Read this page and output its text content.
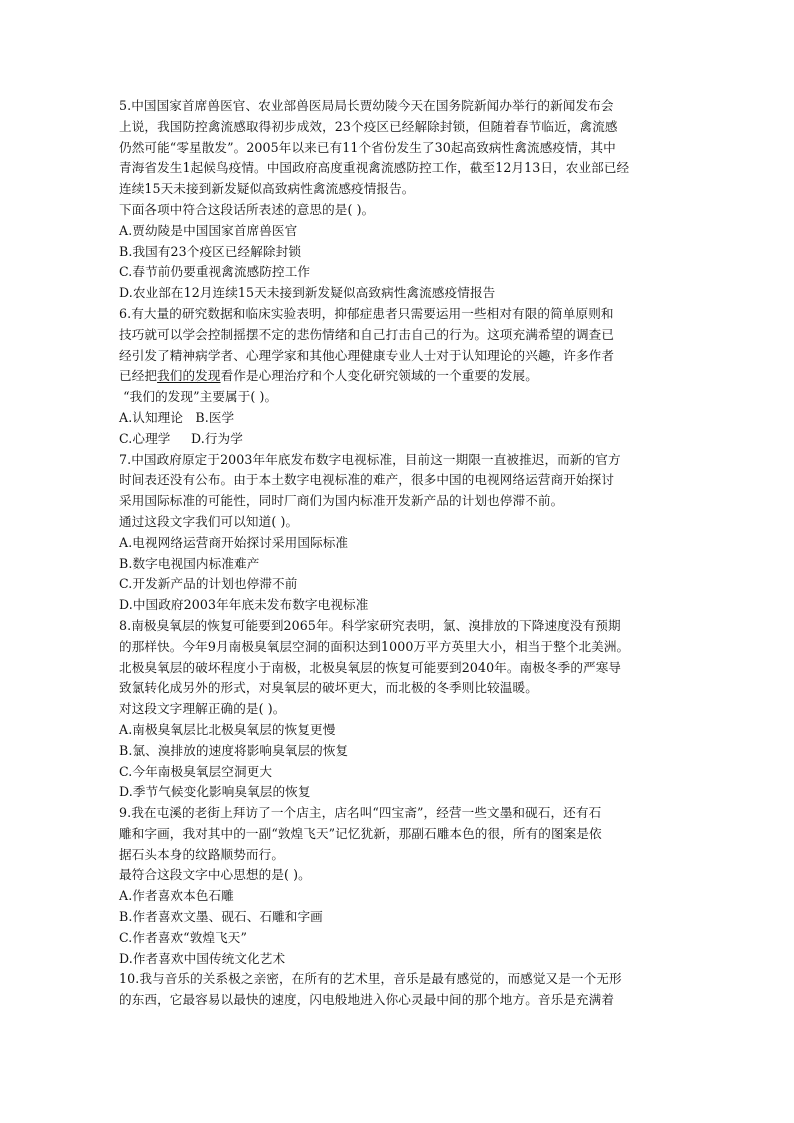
5.中国国家首席兽医官、农业部兽医局局长贾幼陵今天在国务院新闻办举行的新闻发布会

上说，我国防控禽流感取得初步成效，23个疫区已经解除封锁，但随着春节临近，禽流感

仍然可能“零星散发”。2005年以来已有11个省份发生了30起高致病性禽流感疫情，其中

青海省发生1起候鸟疫情。中国政府高度重视禽流感防控工作，截至12月13日，农业部已经

连续15天未接到新发疑似高致病性禽流感疫情报告。

下面各项中符合这段话所表述的意思的是( )。

A.贾幼陵是中国国家首席兽医官

B.我国有23个疫区已经解除封锁

C.春节前仍要重视禽流感防控工作

D.农业部在12月连续15天未接到新发疑似高致病性禽流感疫情报告

6.有大量的研究数据和临床实验表明，抑郁症患者只需要运用一些相对有限的简单原则和

技巧就可以学会控制摇摆不定的悲伤情绪和自己打击自己的行为。这项充满希望的调查已

经引发了精神病学者、心理学家和其他心理健康专业人士对于认知理论的兴趣，许多作者

已经把我们的发现看作是心理治疗和个人变化研究领域的一个重要的发展。

“我们的发现”主要属于( )。

A.认知理论   B.医学

C.心理学     D.行为学

7.中国政府原定于2003年年底发布数字电视标准，目前这一期限一直被推迟，而新的官方

时间表还没有公布。由于本土数字电视标准的难产，很多中国的电视网络运营商开始探讨

采用国际标准的可能性，同时厂商们为国内标准开发新产品的计划也停滞不前。

通过这段文字我们可以知道( )。

A.电视网络运营商开始探讨采用国际标准

B.数字电视国内标准难产

C.开发新产品的计划也停滞不前

D.中国政府2003年年底未发布数字电视标准

8.南极臭氧层的恢复可能要到2065年。科学家研究表明，氯、溴排放的下降速度没有预期

的那样快。今年9月南极臭氧层空洞的面积达到1000万平方英里大小，相当于整个北美洲。

北极臭氧层的破坏程度小于南极，北极臭氧层的恢复可能要到2040年。南极冬季的严寒导

致氯转化成另外的形式，对臭氧层的破坏更大，而北极的冬季则比较温暖。

对这段文字理解正确的是( )。

A.南极臭氧层比北极臭氧层的恢复更慢

B.氯、溴排放的速度将影响臭氧层的恢复

C.今年南极臭氧层空洞更大

D.季节气候变化影响臭氧层的恢复

9.我在屯溪的老街上拜访了一个店主，店名叫“四宝斋”，经营一些文墨和砚石，还有石

雕和字画，我对其中的一副“敦煌飞天”记忆犹新，那副石雕本色的很，所有的图案是依

据石头本身的纹路顺势而行。

最符合这段文字中心思想的是( )。

A.作者喜欢本色石雕

B.作者喜欢文墨、砚石、石雕和字画

C.作者喜欢“敦煌飞天”

D.作者喜欢中国传统文化艺术

10.我与音乐的关系极之亲密，在所有的艺术里，音乐是最有感觉的，而感觉又是一个无形

的东西，它最容易以最快的速度，闪电般地进入你心灵最中间的那个地方。音乐是充满着
